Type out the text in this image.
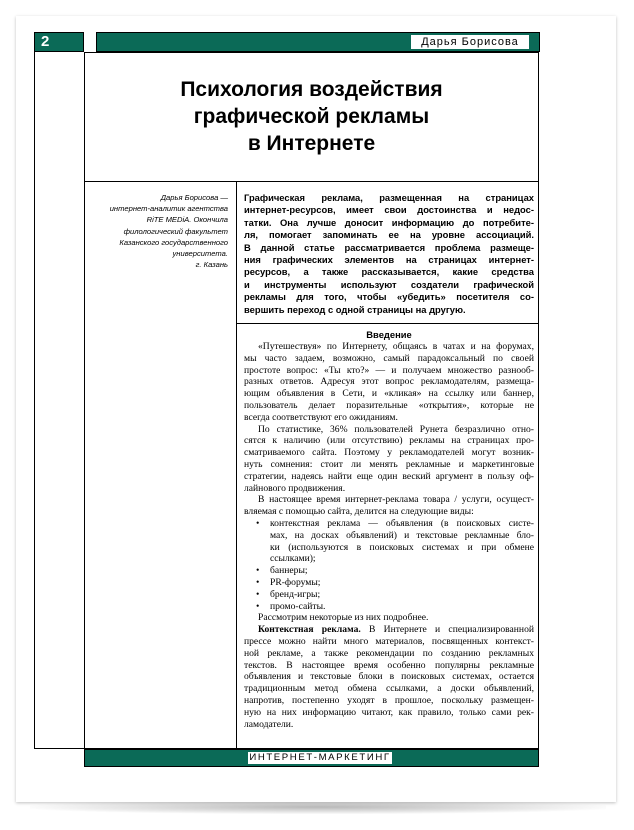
2	Дарья Борисова
Психология воздействия
графической рекламы
в Интернете
Дарья Борисова —
интернет-аналитик агентства
RiTE MEDiA. Окончила
филологический факультет
Казанского государственного
университета.
г. Казань
Графическая реклама, размещенная на страницах
интернет-ресурсов, имеет свои достоинства и недос-
татки. Она лучше доносит информацию до потребите-
ля, помогает запоминать ее на уровне ассоциаций.
В данной статье рассматривается проблема размеще-
ния графических элементов на страницах интернет-
ресурсов, а также рассказывается, какие средства
и инструменты используют создатели графической
рекламы для того, чтобы «убедить» посетителя со-
вершить переход с одной страницы на другую.
Введение
«Путешествуя» по Интернету, общаясь в чатах и на форумах,
мы часто задаем, возможно, самый парадоксальный по своей
простоте вопрос: «Ты кто?» — и получаем множество разнооб-
разных ответов. Адресуя этот вопрос рекламодателям, размеща-
ющим объявления в Сети, и «кликая» на ссылку или баннер,
пользователь делает поразительные «открытия», которые не
всегда соответствуют его ожиданиям.
По статистике, 36% пользователей Рунета безразлично отно-
сятся к наличию (или отсутствию) рекламы на страницах про-
сматриваемого сайта. Поэтому у рекламодателей могут возник-
нуть сомнения: стоит ли менять рекламные и маркетинговые
стратегии, надеясь найти еще один веский аргумент в пользу оф-
лайнового продвижения.
В настоящее время интернет-реклама товара / услуги, осущест-
вляемая с помощью сайта, делится на следующие виды:
•	контекстная реклама — объявления (в поисковых систе-
мах, на досках объявлений) и текстовые рекламные бло-
ки (используются в поисковых системах и при обмене
ссылками);
•	баннеры;
•	PR-форумы;
•	бренд-игры;
•	промо-сайты.
Рассмотрим некоторые из них подробнее.
Контекстная реклама. В Интернете и специализированной
прессе можно найти много материалов, посвященных контекст-
ной рекламе, а также рекомендации по созданию рекламных
текстов. В настоящее время особенно популярны рекламные
объявления и текстовые блоки в поисковых системах, остается
традиционным метод обмена ссылками, а доски объявлений,
напротив, постепенно уходят в прошлое, поскольку размещен-
ную на них информацию читают, как правило, только сами рек-
ламодатели.
ИНТЕРНЕТ-МАРКЕТИНГ
